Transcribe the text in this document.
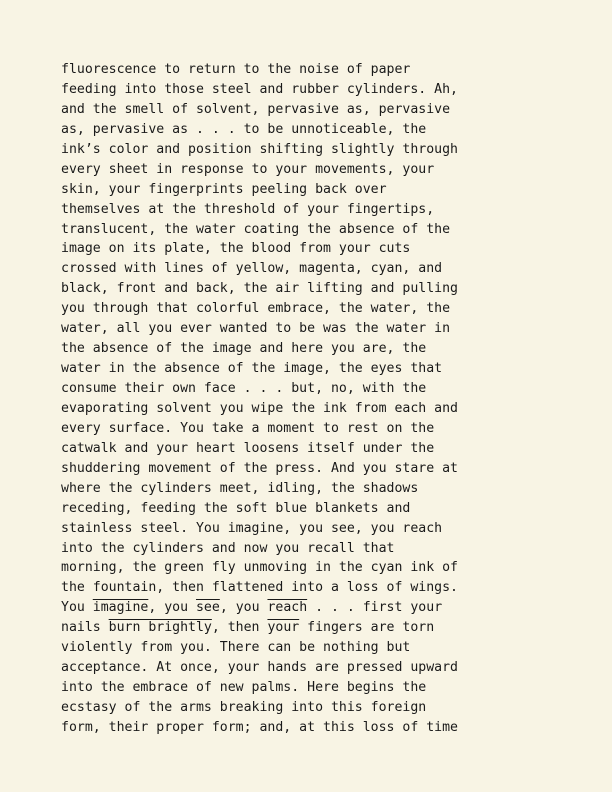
fluorescence to return to the noise of paper
feeding into those steel and rubber cylinders. Ah,
and the smell of solvent, pervasive as, pervasive
as, pervasive as . . . to be unnoticeable, the
ink’s color and position shifting slightly through
every sheet in response to your movements, your
skin, your fingerprints peeling back over
themselves at the threshold of your fingertips,
translucent, the water coating the absence of the
image on its plate, the blood from your cuts
crossed with lines of yellow, magenta, cyan, and
black, front and back, the air lifting and pulling
you through that colorful embrace, the water, the
water, all you ever wanted to be was the water in
the absence of the image and here you are, the
water in the absence of the image, the eyes that
consume their own face . . . but, no, with the
evaporating solvent you wipe the ink from each and
every surface. You take a moment to rest on the
catwalk and your heart loosens itself under the
shuddering movement of the press. And you stare at
where the cylinders meet, idling, the shadows
receding, feeding the soft blue blankets and
stainless steel. You imagine, you see, you reach
into the cylinders and now you recall that
morning, the green fly unmoving in the cyan ink of
the fountain, then flattened into a loss of wings.
You imagine, you $\overline{see}$, you reach . . . first your
nails burn brightly, then your fingers are torn
violently from you. There can be nothing but
acceptance. At once, your hands are pressed upward
into the embrace of new palms. Here begins the
ecstasy of the arms breaking into this foreign
form, their proper form; and, at this loss of time
